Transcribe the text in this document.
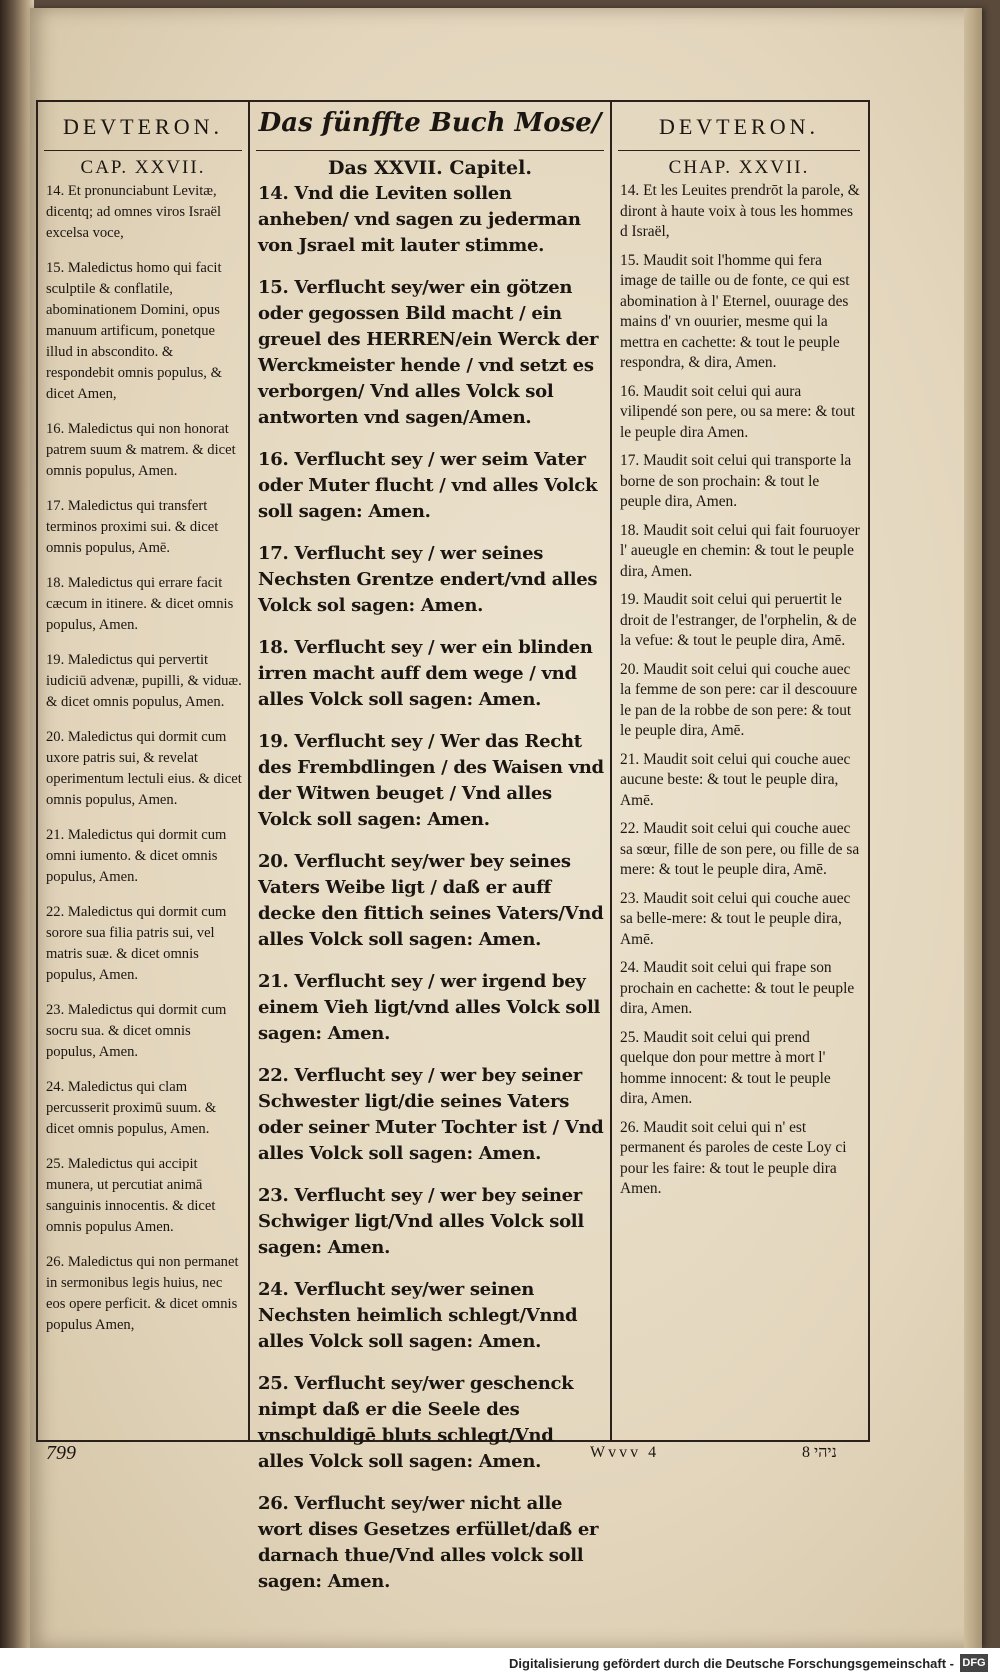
DEVTERON.
CAP. XXVII.

14. Et pronunciabunt Levitæ, dicentq; ad omnes viros Israël excelsa voce,

15. Maledictus homo qui facit sculptile & conflatile, abominationem Domini, opus manuum artificum, ponetque illud in abscondito. & respondebit omnis populus, & dicet Amen,

16. Maledictus qui non honorat patrem suum & matrem. & dicet omnis populus, Amen.

17. Maledictus qui transfert terminos proximi sui. & dicet omnis populus, Amē.

18. Maledictus qui errare facit cæcum in itinere. & dicet omnis populus, Amen.

19. Maledictus qui pervertit iudiciū advenæ, pupilli, & viduæ. & dicet omnis populus, Amen.

20. Maledictus qui dormit cum uxore patris sui, & revelat operimentum lectuli eius. & dicet omnis populus, Amen.

21. Maledictus qui dormit cum omni iumento. & dicet omnis populus, Amen.

22. Maledictus qui dormit cum sorore sua filia patris sui, vel matris suæ. & dicet omnis populus, Amen.

23. Maledictus qui dormit cum socru sua. & dicet omnis populus, Amen.

24. Maledictus qui clam percusserit proximū suum. & dicet omnis populus, Amen.

25. Maledictus qui accipit munera, ut percutiat animā sanguinis innocentis. & dicet omnis populus Amen.

26. Maledictus qui non permanet in sermonibus legis huius, nec eos opere perficit. & dicet omnis populus Amen,

Das fünffte Buch Mose/
Das XXVII. Capitel.

14. Vnd die Leviten sollen anheben/ vnd sagen zu jederman von Jsrael mit lauter stimme.

15. Verflucht sey/wer ein götzen oder gegossen Bild macht / ein greuel des HERREN/ein Werck der Werckmeister hende / vnd setzt es verborgen/ Vnd alles Volck sol antworten vnd sagen/Amen.

16. Verflucht sey / wer seim Vater oder Muter flucht / vnd alles Volck soll sagen: Amen.

17. Verflucht sey / wer seines Nechsten Grentze endert/vnd alles Volck sol sagen: Amen.

18. Verflucht sey / wer ein blinden irren macht auff dem wege / vnd alles Volck soll sagen: Amen.

19. Verflucht sey / Wer das Recht des Frembdlingen / des Waisen vnd der Witwen beuget / Vnd alles Volck soll sagen: Amen.

20. Verflucht sey/wer bey seines Vaters Weibe ligt / daß er auff decke den fittich seines Vaters/Vnd alles Volck soll sagen: Amen.

21. Verflucht sey / wer irgend bey einem Vieh ligt/vnd alles Volck soll sagen: Amen.

22. Verflucht sey / wer bey seiner Schwester ligt/die seines Vaters oder seiner Muter Tochter ist / Vnd alles Volck soll sagen: Amen.

23. Verflucht sey / wer bey seiner Schwiger ligt/Vnd alles Volck soll sagen: Amen.

24. Verflucht sey/wer seinen Nechsten heimlich schlegt/Vnnd alles Volck soll sagen: Amen.

25. Verflucht sey/wer geschenck nimpt daß er die Seele des vnschuldigē bluts schlegt/Vnd alles Volck soll sagen: Amen.

26. Verflucht sey/wer nicht alle wort dises Gesetzes erfüllet/daß er darnach thue/Vnd alles volck soll sagen: Amen.

DEVTERON.
CHAP. XXVII.

14. Et les Leuites prendrōt la parole, & diront à haute voix à tous les hommes d Israël,

15. Maudit soit l'homme qui fera image de taille ou de fonte, ce qui est abomination à l' Eternel, ouurage des mains d' vn ouurier, mesme qui la mettra en cachette: & tout le peuple respondra, & dira, Amen.

16. Maudit soit celui qui aura vilipendé son pere, ou sa mere: & tout le peuple dira Amen.

17. Maudit soit celui qui transporte la borne de son prochain: & tout le peuple dira, Amen.

18. Maudit soit celui qui fait fouruoyer l' aueugle en chemin: & tout le peuple dira, Amen.

19. Maudit soit celui qui peruertit le droit de l'estranger, de l'orphelin, & de la vefue: & tout le peuple dira, Amē.

20. Maudit soit celui qui couche auec la femme de son pere: car il descouure le pan de la robbe de son pere: & tout le peuple dira, Amē.

21. Maudit soit celui qui couche auec aucune beste: & tout le peuple dira, Amē.

22. Maudit soit celui qui couche auec sa sœur, fille de son pere, ou fille de sa mere: & tout le peuple dira, Amē.

23. Maudit soit celui qui couche auec sa belle-mere: & tout le peuple dira, Amē.

24. Maudit soit celui qui frape son prochain en cachette: & tout le peuple dira, Amen.

25. Maudit soit celui qui prend quelque don pour mettre à mort l' homme innocent: & tout le peuple dira, Amen.

26. Maudit soit celui qui n' est permanent és paroles de ceste Loy ci pour les faire: & tout le peuple dira Amen.

799	Wvvv 4	ניהי 8
Digitalisierung gefördert durch die Deutsche Forschungsgemeinschaft - DFG
